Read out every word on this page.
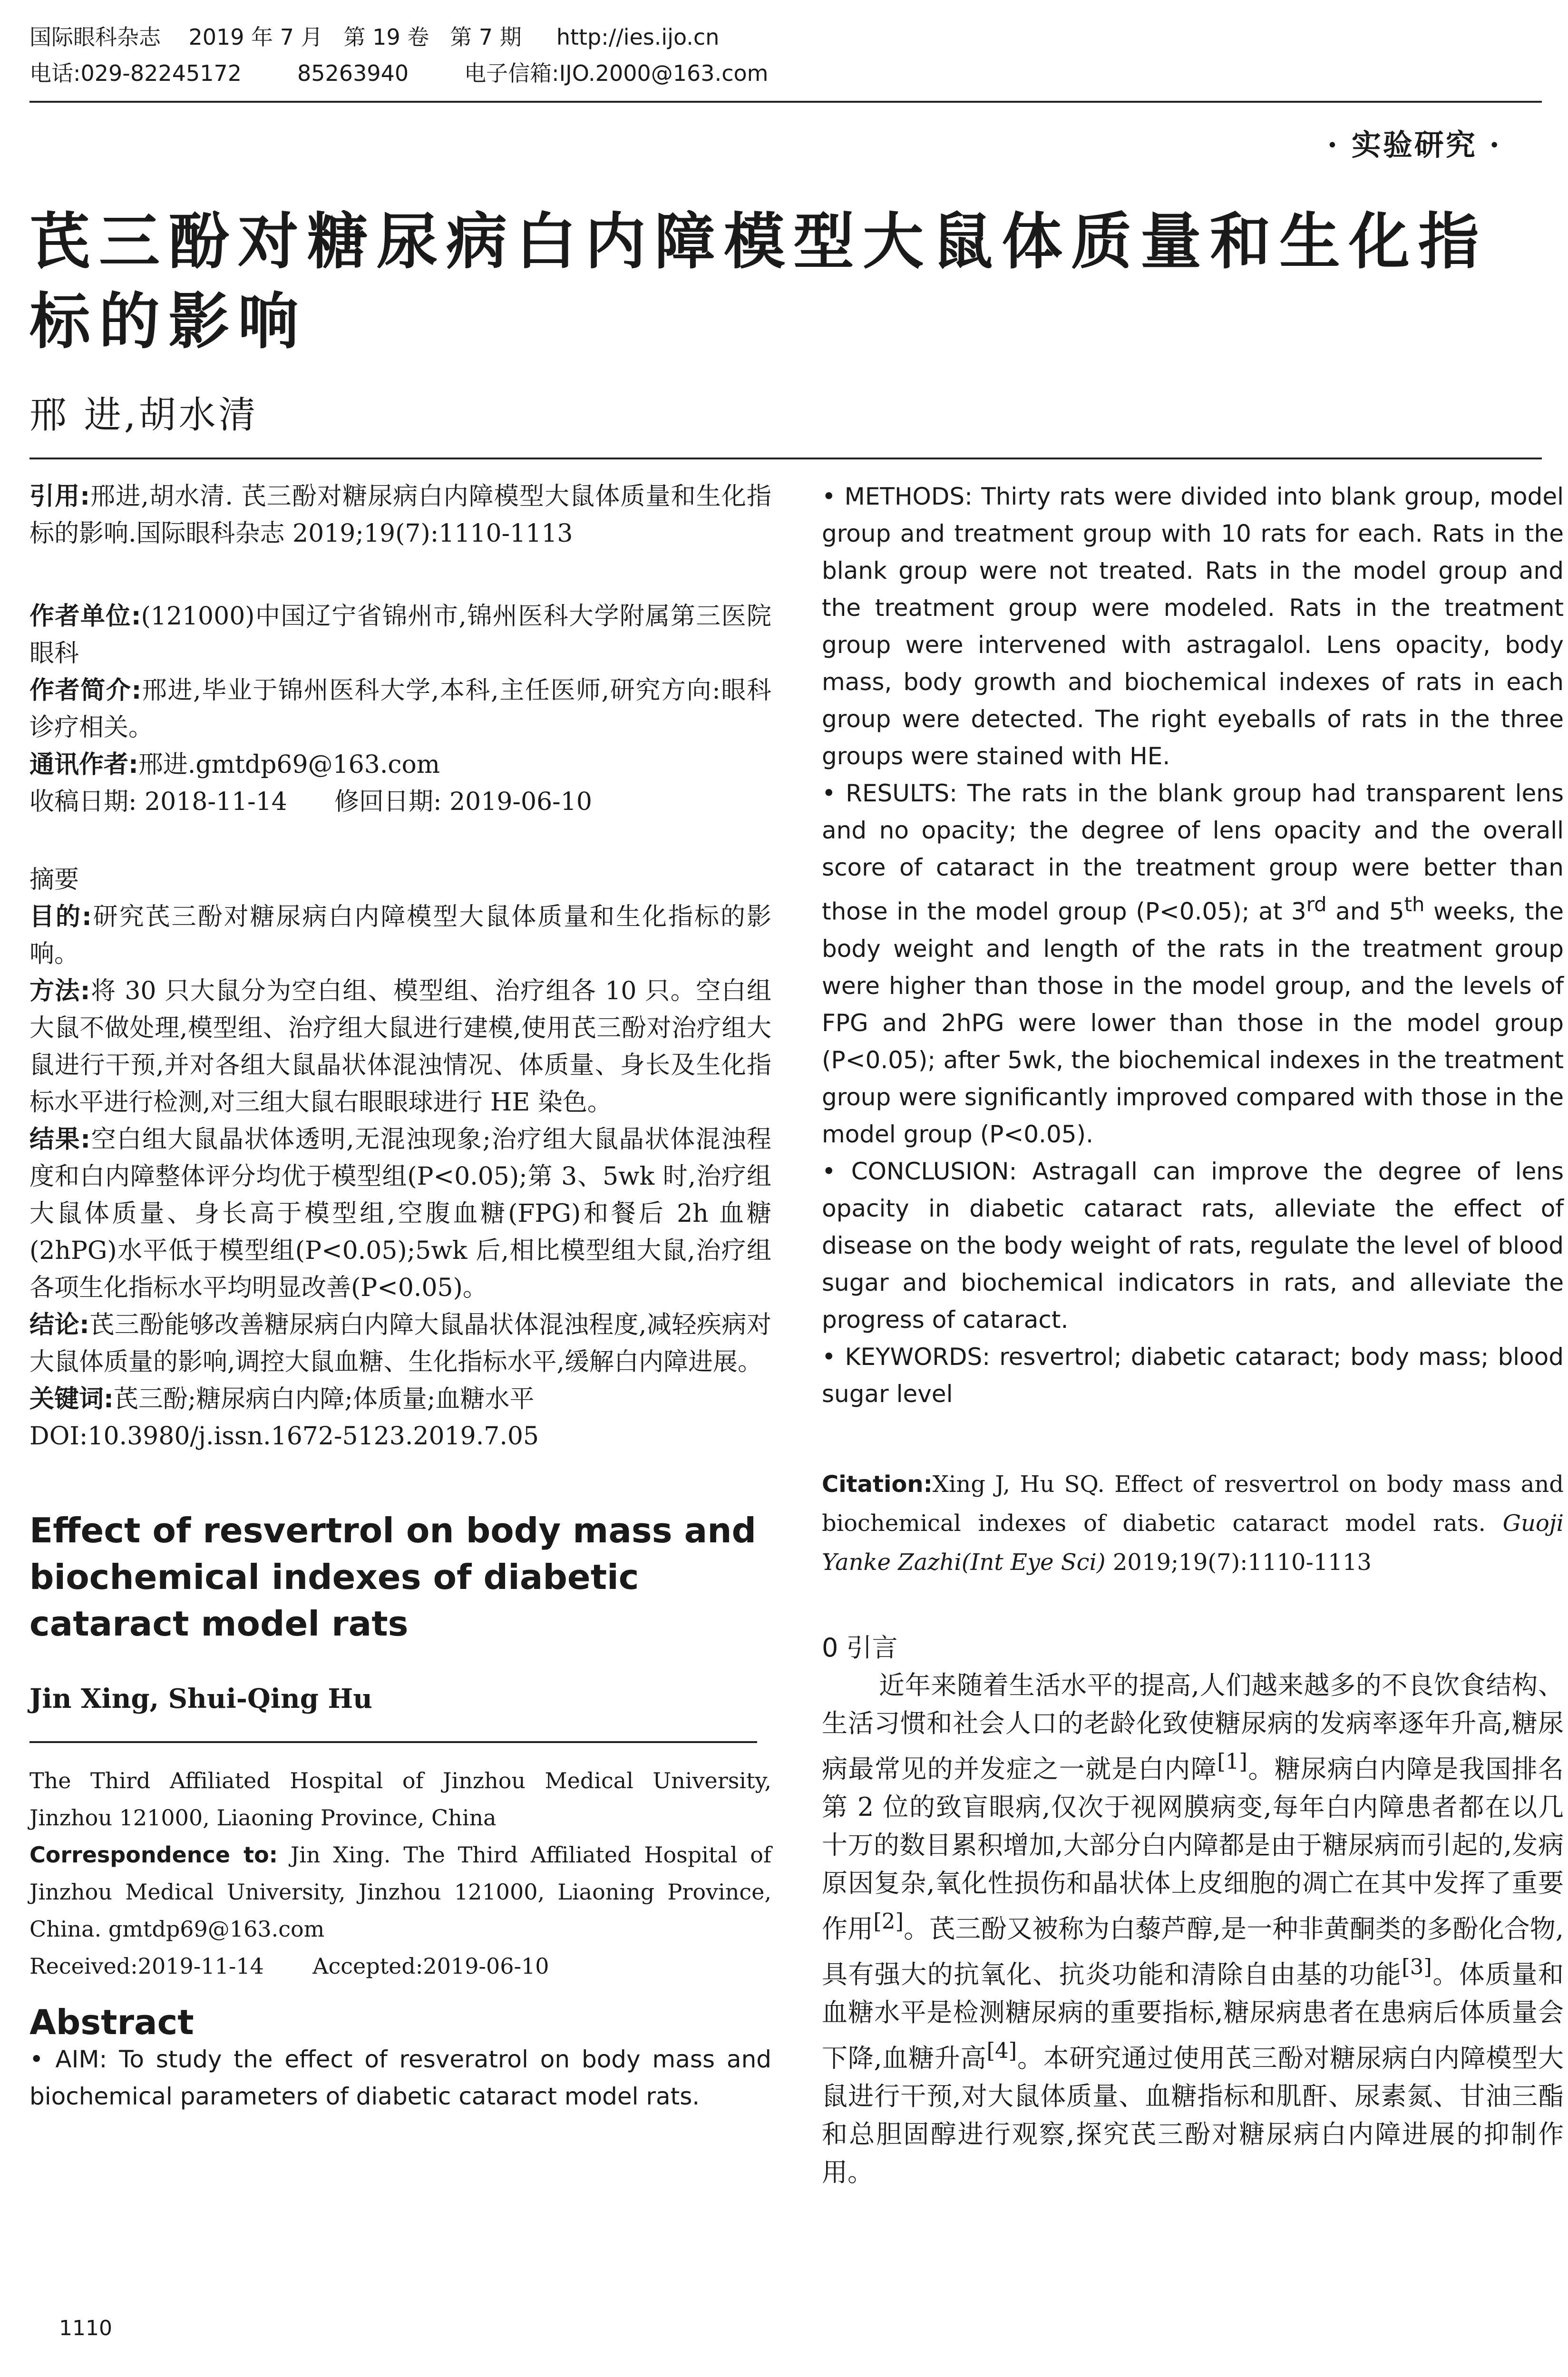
国际眼科杂志    2019 年 7 月   第 19 卷   第 7 期     http://ies.ijo.cn
电话:029-82245172        85263940        电子信箱:IJO.2000@163.com
· 实验研究 ·
芪三酚对糖尿病白内障模型大鼠体质量和生化指标的影响
邢 进,胡水清

引用:邢进,胡水清. 芪三酚对糖尿病白内障模型大鼠体质量和生化指标的影响.国际眼科杂志 2019;19(7):1110-1113

作者单位:(121000)中国辽宁省锦州市,锦州医科大学附属第三医院眼科

作者简介:邢进,毕业于锦州医科大学,本科,主任医师,研究方向:眼科诊疗相关。

通讯作者:邢进.gmtdp69@163.com

收稿日期: 2018-11-14      修回日期: 2019-06-10

摘要

目的:研究芪三酚对糖尿病白内障模型大鼠体质量和生化指标的影响。

方法:将 30 只大鼠分为空白组、模型组、治疗组各 10 只。空白组大鼠不做处理,模型组、治疗组大鼠进行建模,使用芪三酚对治疗组大鼠进行干预,并对各组大鼠晶状体混浊情况、体质量、身长及生化指标水平进行检测,对三组大鼠右眼眼球进行 HE 染色。

结果:空白组大鼠晶状体透明,无混浊现象;治疗组大鼠晶状体混浊程度和白内障整体评分均优于模型组(P<0.05);第 3、5wk 时,治疗组大鼠体质量、身长高于模型组,空腹血糖(FPG)和餐后 2h 血糖(2hPG)水平低于模型组(P<0.05);5wk 后,相比模型组大鼠,治疗组各项生化指标水平均明显改善(P<0.05)。

结论:芪三酚能够改善糖尿病白内障大鼠晶状体混浊程度,减轻疾病对大鼠体质量的影响,调控大鼠血糖、生化指标水平,缓解白内障进展。

关键词:芪三酚;糖尿病白内障;体质量;血糖水平

DOI:10.3980/j.issn.1672-5123.2019.7.05

Effect of resvertrol on body mass and biochemical indexes of diabetic cataract model rats

Jin Xing, Shui-Qing Hu

The Third Affiliated Hospital of Jinzhou Medical University, Jinzhou 121000, Liaoning Province, China

Correspondence to: Jin Xing. The Third Affiliated Hospital of Jinzhou Medical University, Jinzhou 121000, Liaoning Province, China. gmtdp69@163.com

Received:2019-11-14       Accepted:2019-06-10

Abstract

• AIM: To study the effect of resveratrol on body mass and biochemical parameters of diabetic cataract model rats.

• METHODS: Thirty rats were divided into blank group, model group and treatment group with 10 rats for each. Rats in the blank group were not treated. Rats in the model group and the treatment group were modeled. Rats in the treatment group were intervened with astragalol. Lens opacity, body mass, body growth and biochemical indexes of rats in each group were detected. The right eyeballs of rats in the three groups were stained with HE.

• RESULTS: The rats in the blank group had transparent lens and no opacity; the degree of lens opacity and the overall score of cataract in the treatment group were better than those in the model group (P<0.05); at 3rd and 5th weeks, the body weight and length of the rats in the treatment group were higher than those in the model group, and the levels of FPG and 2hPG were lower than those in the model group (P<0.05); after 5wk, the biochemical indexes in the treatment group were significantly improved compared with those in the model group (P<0.05).

• CONCLUSION: Astragall can improve the degree of lens opacity in diabetic cataract rats, alleviate the effect of disease on the body weight of rats, regulate the level of blood sugar and biochemical indicators in rats, and alleviate the progress of cataract.

• KEYWORDS: resvertrol; diabetic cataract; body mass; blood sugar level

Citation:Xing J, Hu SQ. Effect of resvertrol on body mass and biochemical indexes of diabetic cataract model rats. Guoji Yanke Zazhi(Int Eye Sci) 2019;19(7):1110-1113

0 引言

近年来随着生活水平的提高,人们越来越多的不良饮食结构、生活习惯和社会人口的老龄化致使糖尿病的发病率逐年升高,糖尿病最常见的并发症之一就是白内障[1]。糖尿病白内障是我国排名第 2 位的致盲眼病,仅次于视网膜病变,每年白内障患者都在以几十万的数目累积增加,大部分白内障都是由于糖尿病而引起的,发病原因复杂,氧化性损伤和晶状体上皮细胞的凋亡在其中发挥了重要作用[2]。芪三酚又被称为白藜芦醇,是一种非黄酮类的多酚化合物,具有强大的抗氧化、抗炎功能和清除自由基的功能[3]。体质量和血糖水平是检测糖尿病的重要指标,糖尿病患者在患病后体质量会下降,血糖升高[4]。本研究通过使用芪三酚对糖尿病白内障模型大鼠进行干预,对大鼠体质量、血糖指标和肌酐、尿素氮、甘油三酯和总胆固醇进行观察,探究芪三酚对糖尿病白内障进展的抑制作用。

1110
